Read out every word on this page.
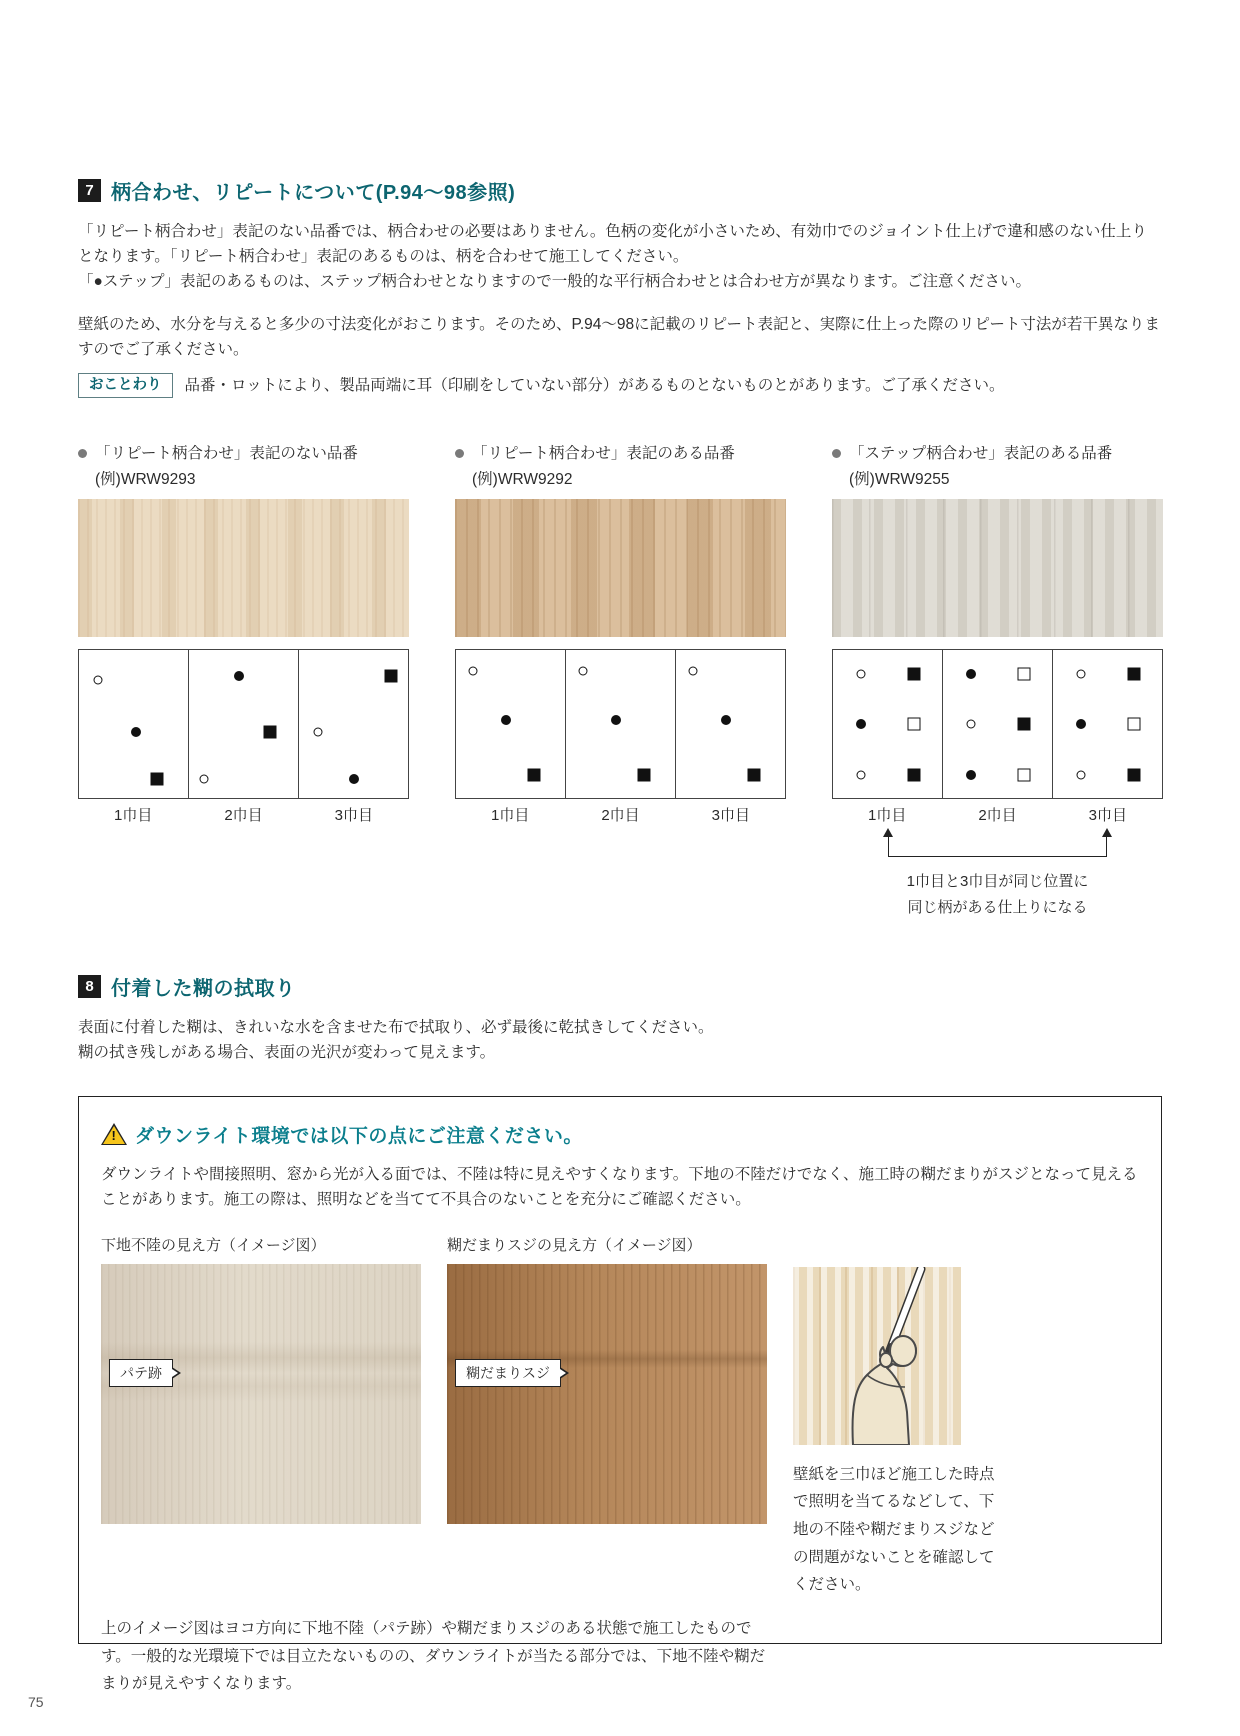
7 柄合わせ、リピートについて(P.94〜98参照)

「リピート柄合わせ」表記のない品番では、柄合わせの必要はありません。色柄の変化が小さいため、有効巾でのジョイント仕上げで違和感のない仕上りとなります。「リピート柄合わせ」表記のあるものは、柄を合わせて施工してください。

「●ステップ」表記のあるものは、ステップ柄合わせとなりますので一般的な平行柄合わせとは合わせ方が異なります。ご注意ください。

壁紙のため、水分を与えると多少の寸法変化がおこります。そのため、P.94〜98に記載のリピート表記と、実際に仕上った際のリピート寸法が若干異なりますのでご了承ください。

おことわり	品番・ロットにより、製品両端に耳（印刷をしていない部分）があるものとないものとがあります。ご了承ください。
「リピート柄合わせ」表記のない品番
(例)WRW9293
1巾目	2巾目	3巾目
「リピート柄合わせ」表記のある品番
(例)WRW9292
1巾目	2巾目	3巾目
「ステップ柄合わせ」表記のある品番
(例)WRW9255
1巾目	2巾目	3巾目
1巾目と3巾目が同じ位置に
同じ柄がある仕上りになる
8 付着した糊の拭取り

表面に付着した糊は、きれいな水を含ませた布で拭取り、必ず最後に乾拭きしてください。

糊の拭き残しがある場合、表面の光沢が変わって見えます。

! ダウンライト環境では以下の点にご注意ください。

ダウンライトや間接照明、窓から光が入る面では、不陸は特に見えやすくなります。下地の不陸だけでなく、施工時の糊だまりがスジとなって見えることがあります。施工の際は、照明などを当てて不具合のないことを充分にご確認ください。

下地不陸の見え方（イメージ図）
パテ跡
糊だまりスジの見え方（イメージ図）
糊だまりスジ
壁紙を三巾ほど施工した時点で照明を当てるなどして、下地の不陸や糊だまりスジなどの問題がないことを確認してください。
上のイメージ図はヨコ方向に下地不陸（パテ跡）や糊だまりスジのある状態で施工したものです。一般的な光環境下では目立たないものの、ダウンライトが当たる部分では、下地不陸や糊だまりが見えやすくなります。
75
